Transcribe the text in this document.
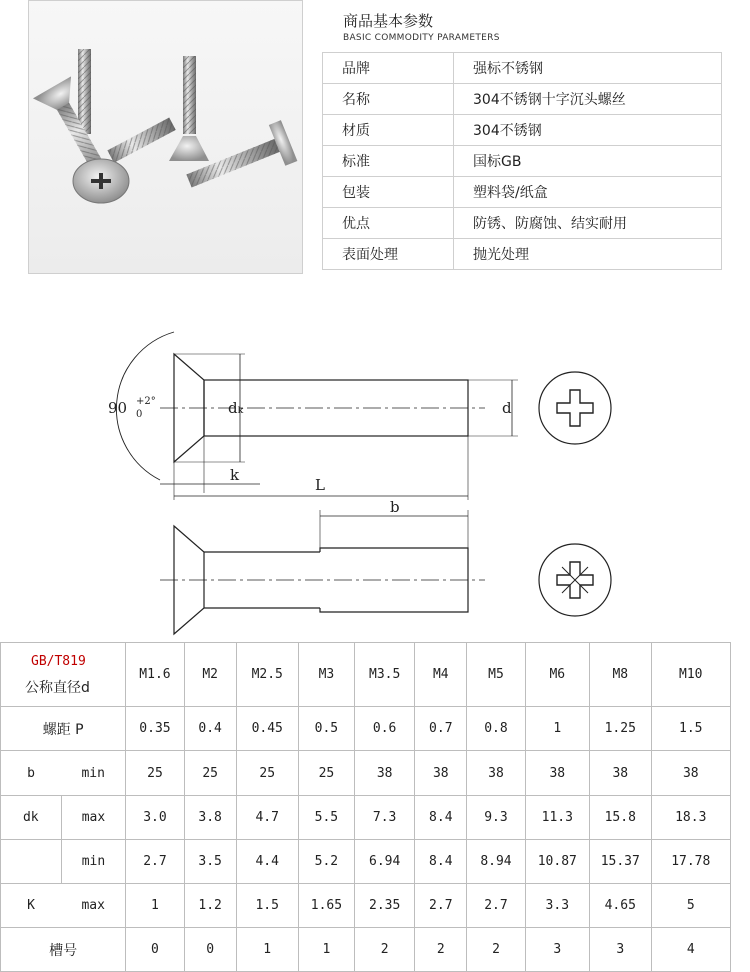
商品基本参数
BASIC COMMODITY PARAMETERS
品牌	强标不锈钢
名称	304不锈钢十字沉头螺丝
材质	304不锈钢
标准	国标GB
包装	塑料袋/纸盒
优点	防锈、防腐蚀、结实耐用
表面处理	抛光处理
90 +2°
0	dₖ	d
k
L
b
GB/T819
公称直径d		M1.6	M2	M2.5	M3	M3.5	M4	M5	M6	M8	M10
螺距 P		0.35	0.4	0.45	0.5	0.6	0.7	0.8	1	1.25	1.5
b	min	25	25	25	25	38	38	38	38	38	38
dk	max	3.0	3.8	4.7	5.5	7.3	8.4	9.3	11.3	15.8	18.3
	min	2.7	3.5	4.4	5.2	6.94	8.4	8.94	10.87	15.37	17.78
K	max	1	1.2	1.5	1.65	2.35	2.7	2.7	3.3	4.65	5
槽号		0	0	1	1	2	2	2	3	3	4
